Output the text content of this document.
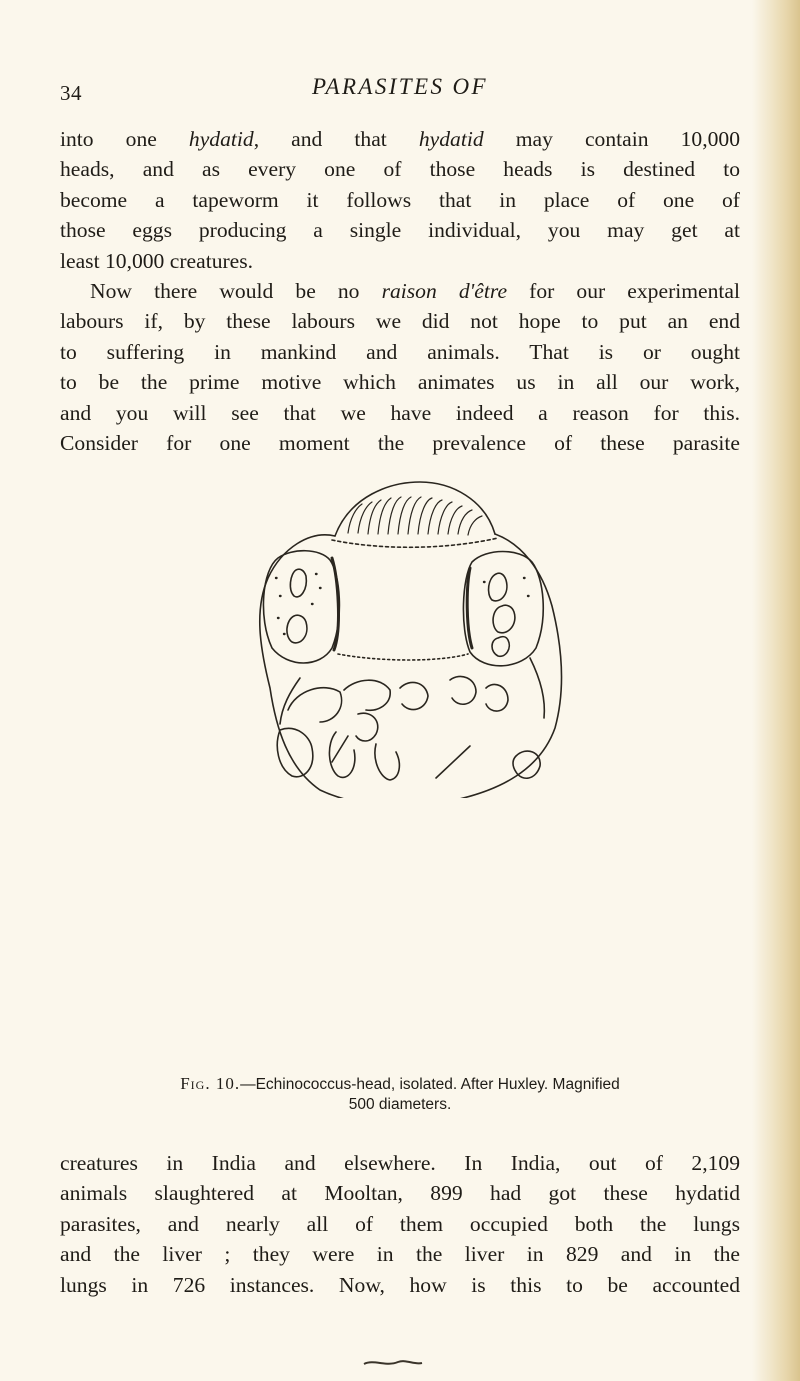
34	PARASITES OF
into one hydatid, and that hydatid may contain 10,000
heads, and as every one of those heads is destined to
become a tapeworm it follows that in place of one of
those eggs producing a single individual, you may get at
least 10,000 creatures.
Now there would be no raison d'être for our experimental
labours if, by these labours we did not hope to put an end
to suffering in mankind and animals. That is or ought
to be the prime motive which animates us in all our work,
and you will see that we have indeed a reason for this.
Consider for one moment the prevalence of these parasite
Fig. 10.—Echinococcus-head, isolated. After Huxley. Magnified
500 diameters.
creatures in India and elsewhere. In India, out of 2,109
animals slaughtered at Mooltan, 899 had got these hydatid
parasites, and nearly all of them occupied both the lungs
and the liver ; they were in the liver in 829 and in the
lungs in 726 instances. Now, how is this to be accounted
